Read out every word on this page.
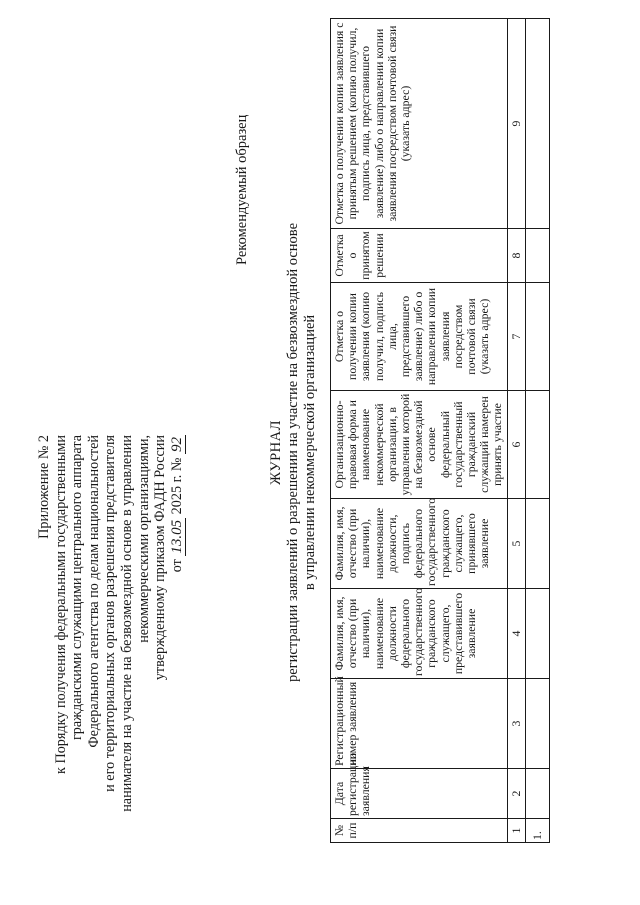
Приложение № 2 к Порядку получения федеральными государственными гражданскими служащими центрального аппарата Федерального агентства по делам национальностей и его территориальных органов разрешения представителя нанимателя на участие на безвозмездной основе в управлении некоммерческими организациями, утвержденному приказом ФАДН России от 13.05 2025 г. № 92
Рекомендуемый образец
ЖУРНАЛ регистрации заявлений о разрешении на участие на безвозмездной основе в управлении некоммерческой организацией
№ п/п	Дата регистрации заявления	Регистрационный номер заявления	Фамилия, имя, отчество (при наличии), наименование должности федерального государственного гражданского служащего, представившего заявление	Фамилия, имя, отчество (при наличии), наименование должности, подпись федерального государственного гражданского служащего, принявшего заявление	Организационно-правовая форма и наименование некоммерческой организации, в управлении которой на безвозмездной основе федеральный государственный гражданский служащий намерен принять участие	Отметка о получении копии заявления (копию получил, подпись лица, представившего заявление) либо о направлении копии заявления посредством почтовой связи (указать адрес)	Отметка о принятом решении	Отметка о получении копии заявления с принятым решением (копию получил, подпись лица, представившего заявление) либо о направлении копии заявления посредством почтовой связи (указать адрес)
1	2	3	4	5	6	7	8	9
1.								
